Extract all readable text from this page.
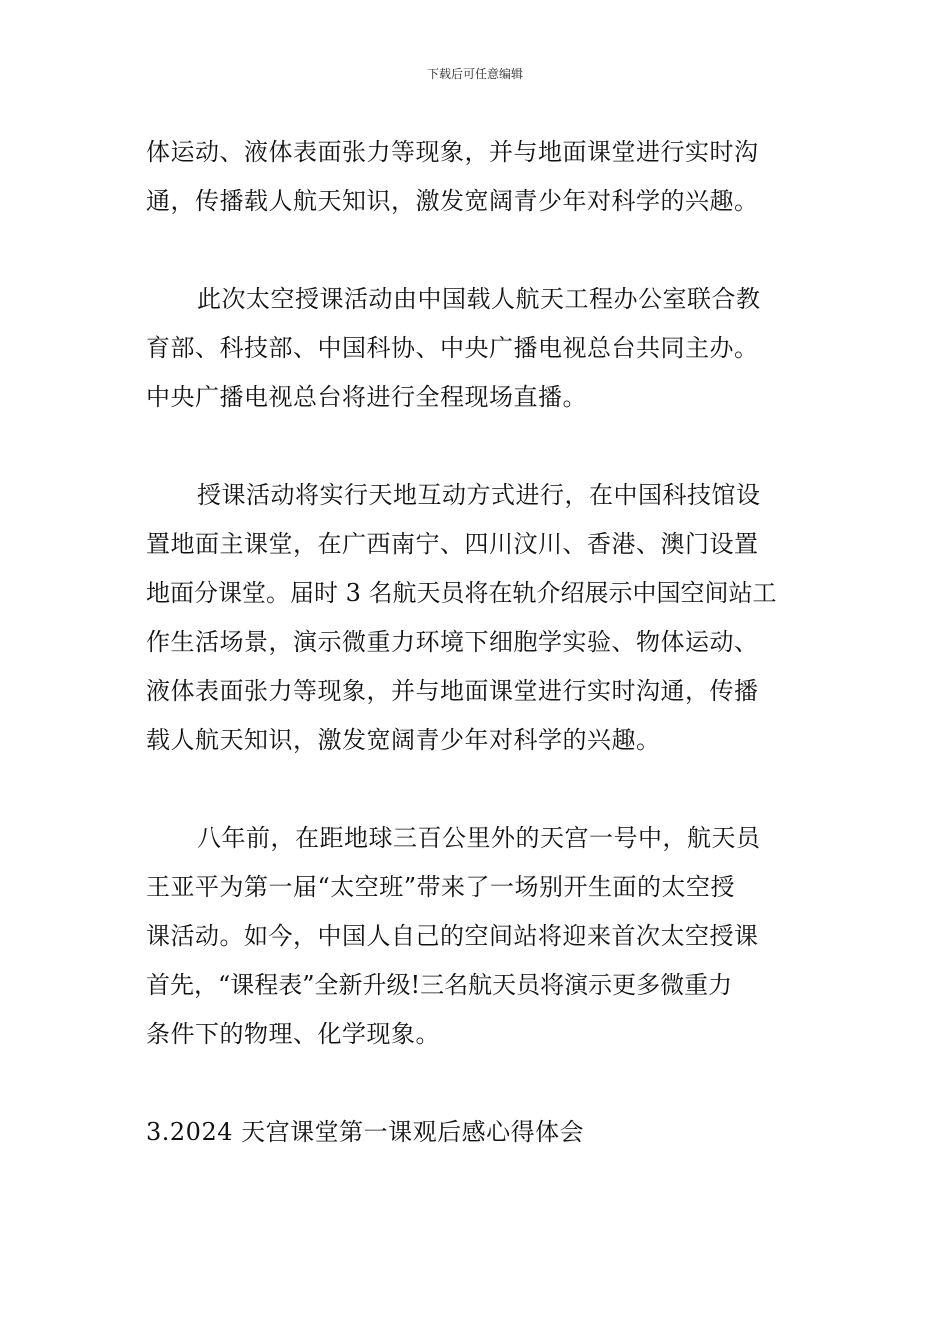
下载后可任意编辑
体运动、液体表面张力等现象，并与地面课堂进行实时沟
通，传播载人航天知识，激发宽阔青少年对科学的兴趣。
此次太空授课活动由中国载人航天工程办公室联合教
育部、科技部、中国科协、中央广播电视总台共同主办。
中央广播电视总台将进行全程现场直播。
授课活动将实行天地互动方式进行，在中国科技馆设
置地面主课堂，在广西南宁、四川汶川、香港、澳门设置
地面分课堂。届时 3 名航天员将在轨介绍展示中国空间站工
作生活场景，演示微重力环境下细胞学实验、物体运动、
液体表面张力等现象，并与地面课堂进行实时沟通，传播
载人航天知识，激发宽阔青少年对科学的兴趣。
八年前，在距地球三百公里外的天宫一号中，航天员
王亚平为第一届“太空班”带来了一场别开生面的太空授
课活动。如今，中国人自己的空间站将迎来首次太空授课
首先，“课程表”全新升级!三名航天员将演示更多微重力
条件下的物理、化学现象。
3.2024 天宫课堂第一课观后感心得体会
